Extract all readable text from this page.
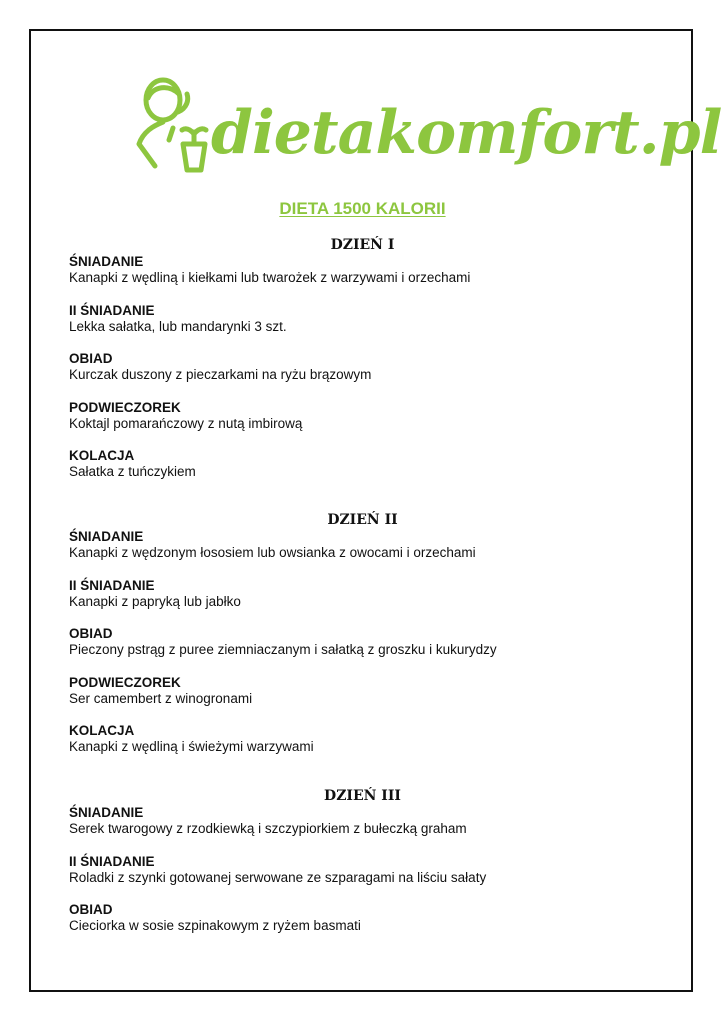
dietakomfort.pl
DIETA 1500 KALORII
DZIEŃ I
ŚNIADANIE
Kanapki z wędliną i kiełkami lub twarożek z warzywami i orzechami
II ŚNIADANIE
Lekka sałatka, lub mandarynki 3 szt.
OBIAD
Kurczak duszony z pieczarkami na ryżu brązowym
PODWIECZOREK
Koktajl pomarańczowy z nutą imbirową
KOLACJA
Sałatka z tuńczykiem
DZIEŃ II
ŚNIADANIE
Kanapki z wędzonym łososiem lub owsianka z owocami i orzechami
II ŚNIADANIE
Kanapki z papryką lub jabłko
OBIAD
Pieczony pstrąg z puree ziemniaczanym i sałatką z groszku i kukurydzy
PODWIECZOREK
Ser camembert z winogronami
KOLACJA
Kanapki z wędliną i świeżymi warzywami
DZIEŃ III
ŚNIADANIE
Serek twarogowy z rzodkiewką i szczypiorkiem z bułeczką graham
II ŚNIADANIE
Roladki z szynki gotowanej serwowane ze szparagami na liściu sałaty
OBIAD
Cieciorka w sosie szpinakowym z ryżem basmati
